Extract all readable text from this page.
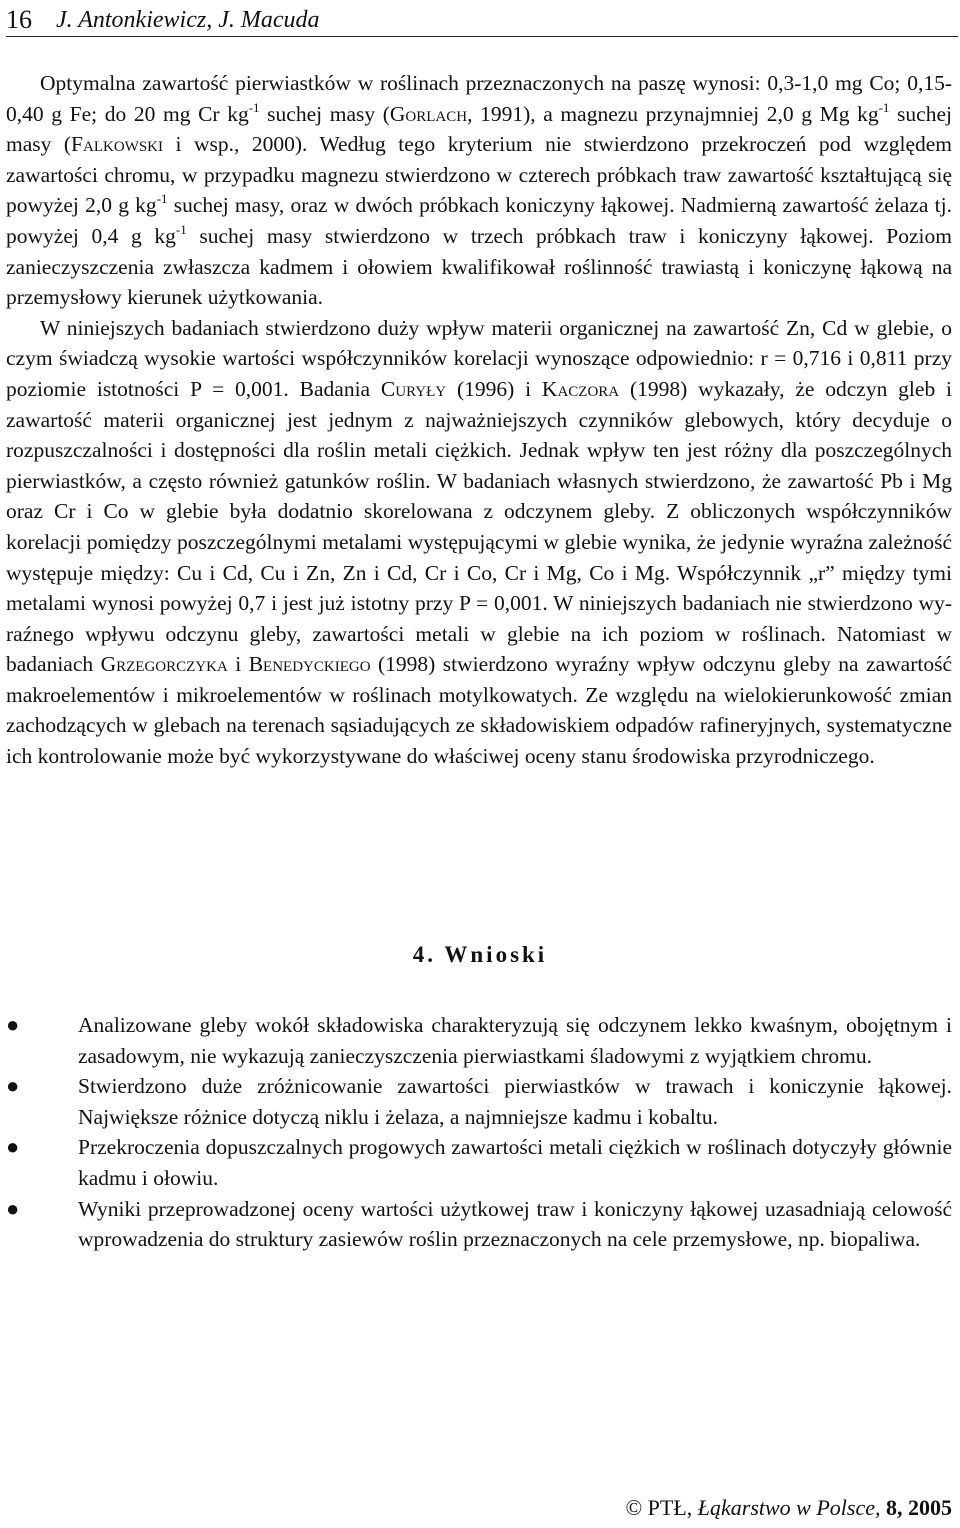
16 J. Antonkiewicz, J. Macuda

Optymalna zawartość pierwiastków w roślinach przeznaczonych na paszę wynosi: 0,3-1,0 mg Co; 0,15-0,40 g Fe; do 20 mg Cr $kg^{-1}$ suchej masy (Gorlach, 1991), a magnezu przynajmniej 2,0 g Mg $kg^{-1}$ suchej masy (Falkowski i wsp., 2000). Według tego kryterium nie stwierdzono przekroczeń pod względem zawartości chromu, w przypadku magnezu stwierdzono w czterech próbkach traw zawartość kształtującą się powyżej 2,0 g $kg^{-1}$ suchej masy, oraz w dwóch próbkach koniczyny łąkowej. Nadmierną zawartość żelaza tj. powyżej 0,4 g $kg^{-1}$ suchej masy stwierdzono w trzech próbkach traw i koniczyny łąkowej. Poziom zanieczyszczenia zwłaszcza kadmem i ołowiem kwalifikował roślinność trawiastą i koniczynę łąkową na przemysłowy kierunek użytkowania.

W niniejszych badaniach stwierdzono duży wpływ materii organicznej na zawartość Zn, Cd w glebie, o czym świadczą wysokie wartości współczynników korelacji wynoszące odpowiednio: r = 0,716 i 0,811 przy poziomie istotności P = 0,001. Badania Curyły (1996) i Kaczora (1998) wykazały, że odczyn gleb i zawartość materii organicznej jest jednym z najważniejszych czynników glebowych, który decyduje o rozpuszczalności i dostępności dla roślin metali ciężkich. Jednak wpływ ten jest różny dla poszczególnych pierwiastków, a często również gatunków roślin. W badaniach własnych stwierdzono, że zawartość Pb i Mg oraz Cr i Co w glebie była dodatnio skorelowana z odczynem gleby. Z obliczonych współczynników korelacji pomiędzy poszczególnymi metalami występującymi w glebie wynika, że jedynie wyraźna zależność występuje między: Cu i Cd, Cu i Zn, Zn i Cd, Cr i Co, Cr i Mg, Co i Mg. Współczynnik „r” między tymi metalami wynosi powyżej 0,7 i jest już istotny przy P = 0,001. W niniejszych badaniach nie stwierdzono wyraźnego wpływu odczynu gleby, zawartości metali w glebie na ich poziom w roślinach. Natomiast w badaniach Grzegorczyka i Benedyckiego (1998) stwierdzono wyraźny wpływ odczynu gleby na zawartość makroelementów i mikroelementów w roślinach motylkowatych. Ze względu na wielokierunkowość zmian zachodzących w glebach na terenach sąsiadujących ze składowiskiem odpadów rafineryjnych, systematyczne ich kontrolowanie może być wykorzystywane do właściwej oceny stanu środowiska przyrodniczego.

4. Wnioski
●	Analizowane gleby wokół składowiska charakteryzują się odczynem lekko kwaśnym, obojętnym i zasadowym, nie wykazują zanieczyszczenia pierwiastkami śladowymi z wyjątkiem chromu.
●	Stwierdzono duże zróżnicowanie zawartości pierwiastków w trawach i koniczynie łąkowej. Największe różnice dotyczą niklu i żelaza, a najmniejsze kadmu i kobaltu.
●	Przekroczenia dopuszczalnych progowych zawartości metali ciężkich w roślinach dotyczyły głównie kadmu i ołowiu.
●	Wyniki przeprowadzonej oceny wartości użytkowej traw i koniczyny łąkowej uzasadniają celowość wprowadzenia do struktury zasiewów roślin przeznaczonych na cele przemysłowe, np. biopaliwa.
© PTŁ, Łąkarstwo w Polsce, 8, 2005
